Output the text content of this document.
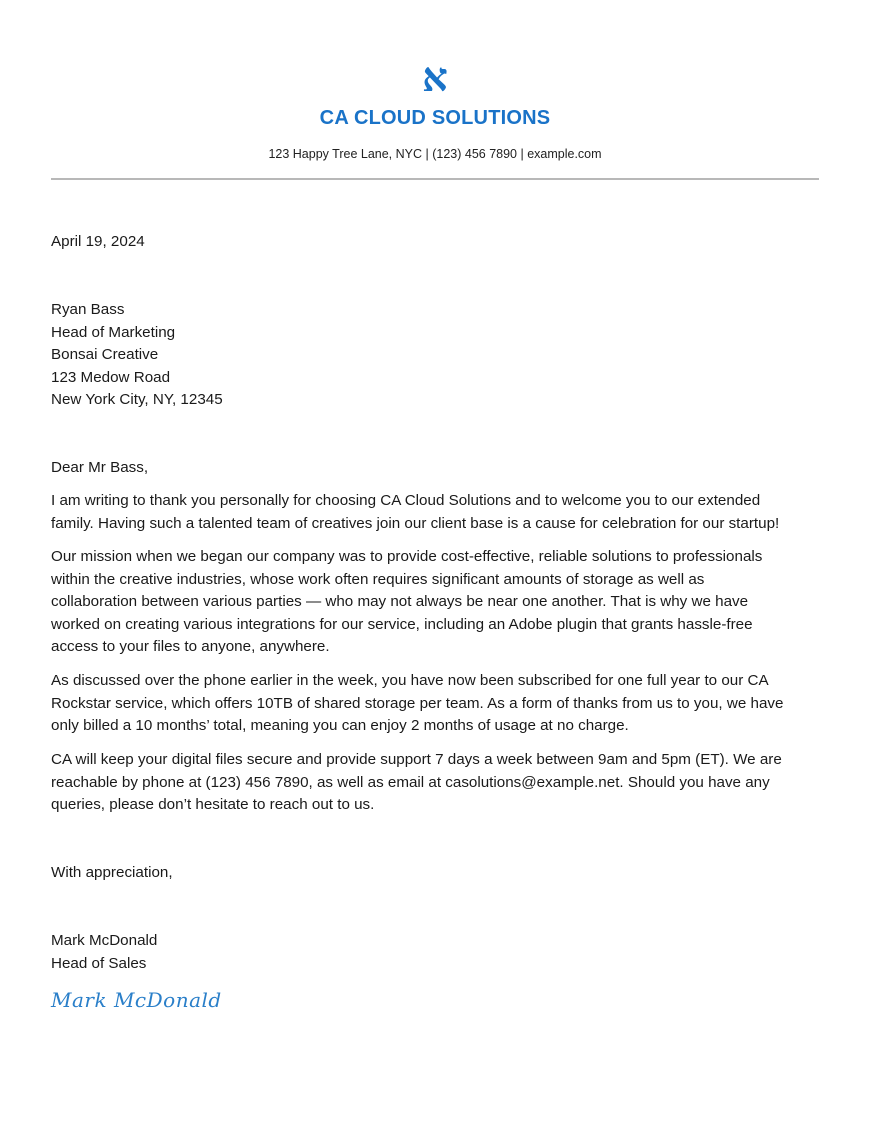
א
CA CLOUD SOLUTIONS
123 Happy Tree Lane, NYC | (123) 456 7890 | example.com
April 19, 2024
Ryan Bass
Head of Marketing
Bonsai Creative
123 Medow Road
New York City, NY, 12345
Dear Mr Bass,
I am writing to thank you personally for choosing CA Cloud Solutions and to welcome you to our extended
family. Having such a talented team of creatives join our client base is a cause for celebration for our startup!
Our mission when we began our company was to provide cost-effective, reliable solutions to professionals
within the creative industries, whose work often requires significant amounts of storage as well as
collaboration between various parties — who may not always be near one another. That is why we have
worked on creating various integrations for our service, including an Adobe plugin that grants hassle-free
access to your files to anyone, anywhere.
As discussed over the phone earlier in the week, you have now been subscribed for one full year to our CA
Rockstar service, which offers 10TB of shared storage per team. As a form of thanks from us to you, we have
only billed a 10 months’ total, meaning you can enjoy 2 months of usage at no charge.
CA will keep your digital files secure and provide support 7 days a week between 9am and 5pm (ET). We are
reachable by phone at (123) 456 7890, as well as email at casolutions@example.net. Should you have any
queries, please don’t hesitate to reach out to us.
With appreciation,
Mark McDonald
Head of Sales
Mark McDonald
